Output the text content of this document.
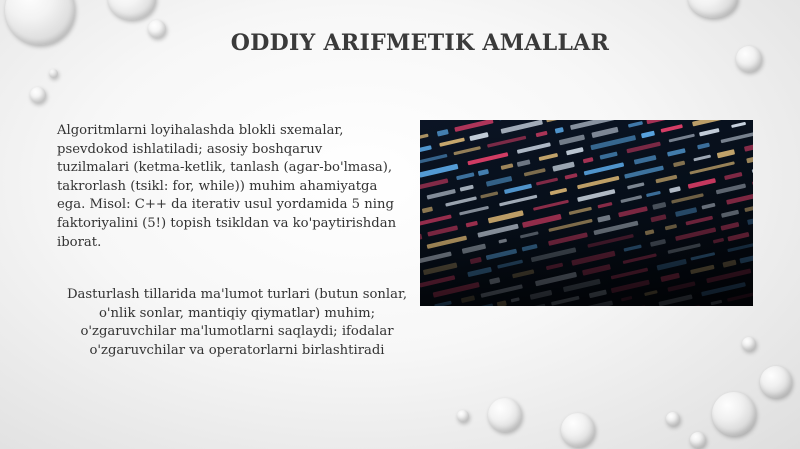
ODDIY ARIFMETIK AMALLAR

Algoritmlarni loyihalashda blokli sxemalar, psevdokod ishlatiladi; asosiy boshqaruv tuzilmalari (ketma-ketlik, tanlash (agar-bo'lmasa), takrorlash (tsikl: for, while)) muhim ahamiyatga ega. Misol: C++ da iterativ usul yordamida 5 ning faktoriyalini (5!) topish tsikldan va ko'paytirishdan iborat.

Dasturlash tillarida ma'lumot turlari (butun sonlar, o'nlik sonlar, mantiqiy qiymatlar) muhim; o'zgaruvchilar ma'lumotlarni saqlaydi; ifodalar o'zgaruvchilar va operatorlarni birlashtiradi
